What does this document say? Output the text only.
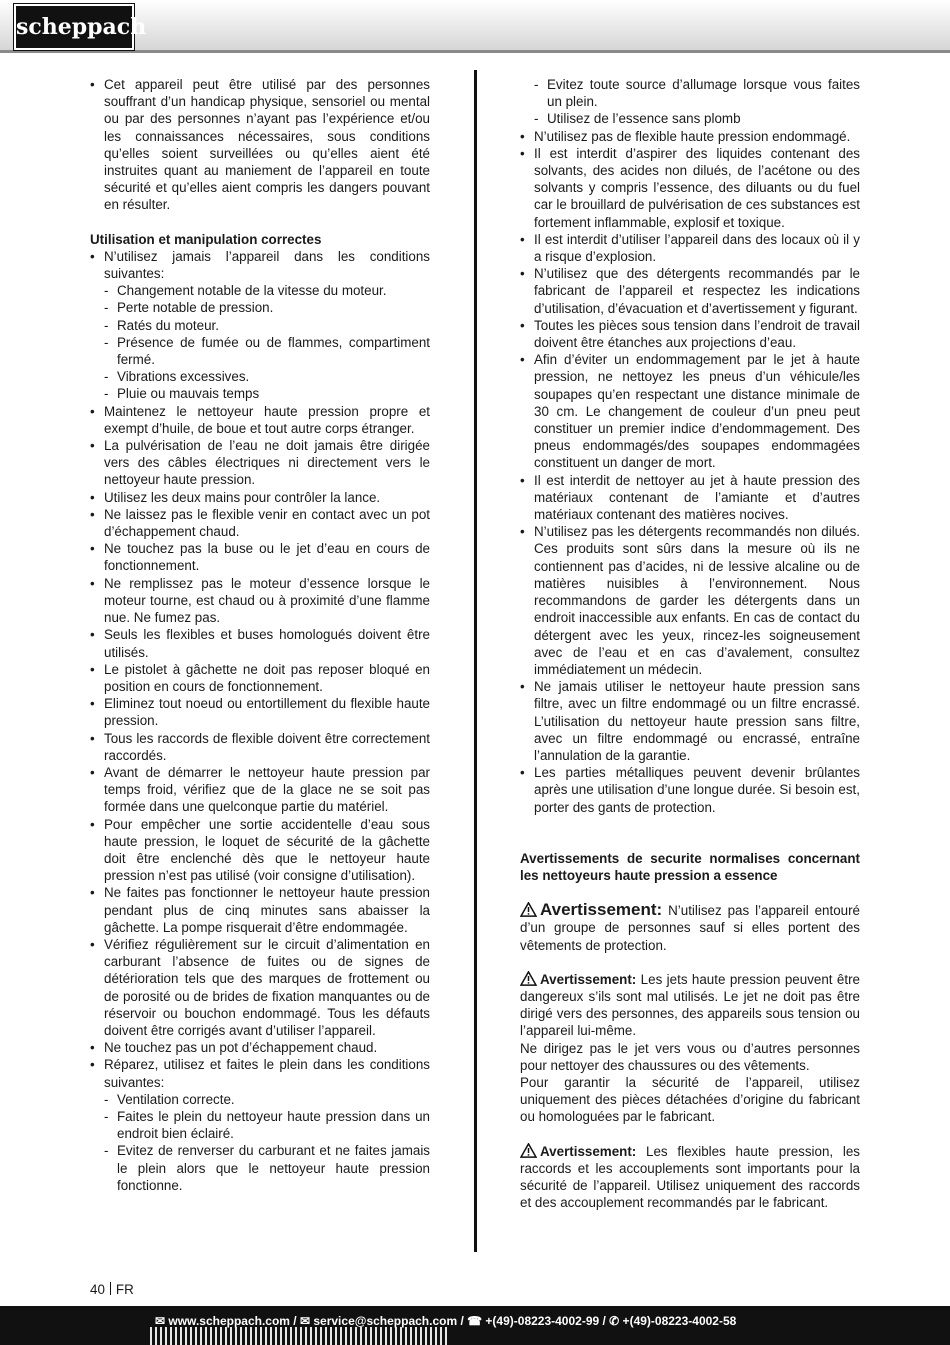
scheppach
• Cet appareil peut être utilisé par des personnes souffrant d’un handicap physique, sensoriel ou mental ou par des personnes n’ayant pas l’expérience et/ou les connaissances nécessaires, sous conditions qu’elles soient surveillées ou qu’elles aient été instruites quant au maniement de l’appareil en toute sécurité et qu’elles aient compris les dangers pouvant en résulter.
Utilisation et manipulation correctes
• N’utilisez jamais l’appareil dans les conditions suivantes:
- Changement notable de la vitesse du moteur.
- Perte notable de pression.
- Ratés du moteur.
- Présence de fumée ou de flammes, compartiment fermé.
- Vibrations excessives.
- Pluie ou mauvais temps
• Maintenez le nettoyeur haute pression propre et exempt d’huile, de boue et tout autre corps étranger.
• La pulvérisation de l’eau ne doit jamais être dirigée vers des câbles électriques ni directement vers le nettoyeur haute pression.
• Utilisez les deux mains pour contrôler la lance.
• Ne laissez pas le flexible venir en contact avec un pot d’échappement chaud.
• Ne touchez pas la buse ou le jet d’eau en cours de fonctionnement.
• Ne remplissez pas le moteur d’essence lorsque le moteur tourne, est chaud ou à proximité d’une flamme nue. Ne fumez pas.
• Seuls les flexibles et buses homologués doivent être utilisés.
• Le pistolet à gâchette ne doit pas reposer bloqué en position en cours de fonctionnement.
• Eliminez tout noeud ou entortillement du flexible haute pression.
• Tous les raccords de flexible doivent être correctement raccordés.
• Avant de démarrer le nettoyeur haute pression par temps froid, vérifiez que de la glace ne se soit pas formée dans une quelconque partie du matériel.
• Pour empêcher une sortie accidentelle d’eau sous haute pression, le loquet de sécurité de la gâchette doit être enclenché dès que le nettoyeur haute pression n’est pas utilisé (voir consigne d’utilisation).
• Ne faites pas fonctionner le nettoyeur haute pression pendant plus de cinq minutes sans abaisser la gâchette. La pompe risquerait d’être endommagée.
• Vérifiez régulièrement sur le circuit d’alimentation en carburant l’absence de fuites ou de signes de détérioration tels que des marques de frottement ou de porosité ou de brides de fixation manquantes ou de réservoir ou bouchon endommagé. Tous les défauts doivent être corrigés avant d’utiliser l’appareil.
• Ne touchez pas un pot d’échappement chaud.
• Réparez, utilisez et faites le plein dans les conditions suivantes:
- Ventilation correcte.
- Faites le plein du nettoyeur haute pression dans un endroit bien éclairé.
- Evitez de renverser du carburant et ne faites jamais le plein alors que le nettoyeur haute pression fonctionne.
- Evitez toute source d’allumage lorsque vous faites un plein.
- Utilisez de l’essence sans plomb
• N’utilisez pas de flexible haute pression endommagé.
• Il est interdit d’aspirer des liquides contenant des solvants, des acides non dilués, de l’acétone ou des solvants y compris l’essence, des diluants ou du fuel car le brouillard de pulvérisation de ces substances est fortement inflammable, explosif et toxique.
• Il est interdit d’utiliser l’appareil dans des locaux où il y a risque d’explosion.
• N’utilisez que des détergents recommandés par le fabricant de l’appareil et respectez les indications d’utilisation, d’évacuation et d’avertissement y figurant.
• Toutes les pièces sous tension dans l’endroit de travail doivent être étanches aux projections d’eau.
• Afin d’éviter un endommagement par le jet à haute pression, ne nettoyez les pneus d’un véhicule/les soupapes qu’en respectant une distance minimale de 30 cm. Le changement de couleur d’un pneu peut constituer un premier indice d’endommagement. Des pneus endommagés/des soupapes endommagées constituent un danger de mort.
• Il est interdit de nettoyer au jet à haute pression des matériaux contenant de l’amiante et d’autres matériaux contenant des matières nocives.
• N’utilisez pas les détergents recommandés non dilués. Ces produits sont sûrs dans la mesure où ils ne contiennent pas d’acides, ni de lessive alcaline ou de matières nuisibles à l’environnement. Nous recommandons de garder les détergents dans un endroit inaccessible aux enfants. En cas de contact du détergent avec les yeux, rincez-les soigneusement avec de l’eau et en cas d’avalement, consultez immédiatement un médecin.
• Ne jamais utiliser le nettoyeur haute pression sans filtre, avec un filtre endommagé ou un filtre encrassé. L’utilisation du nettoyeur haute pression sans filtre, avec un filtre endommagé ou encrassé, entraîne l’annulation de la garantie.
• Les parties métalliques peuvent devenir brûlantes après une utilisation d’une longue durée. Si besoin est, porter des gants de protection.
Avertissements de securite normalises concernant les nettoyeurs haute pression a essence
Avertissement: N’utilisez pas l’appareil entouré d’un groupe de personnes sauf si elles portent des vêtements de protection.
Avertissement: Les jets haute pression peuvent être dangereux s’ils sont mal utilisés. Le jet ne doit pas être dirigé vers des personnes, des appareils sous tension ou l’appareil lui-même.
Ne dirigez pas le jet vers vous ou d’autres personnes pour nettoyer des chaussures ou des vêtements.
Pour garantir la sécurité de l’appareil, utilisez uniquement des pièces détachées d’origine du fabricant ou homologuées par le fabricant.
Avertissement: Les flexibles haute pression, les raccords et les accouplements sont importants pour la sécurité de l’appareil. Utilisez uniquement des raccords et des accouplement recommandés par le fabricant.
40 FR
✉ www.scheppach.com / ✉ service@scheppach.com / ☎ +(49)-08223-4002-99 / ✆ +(49)-08223-4002-58
